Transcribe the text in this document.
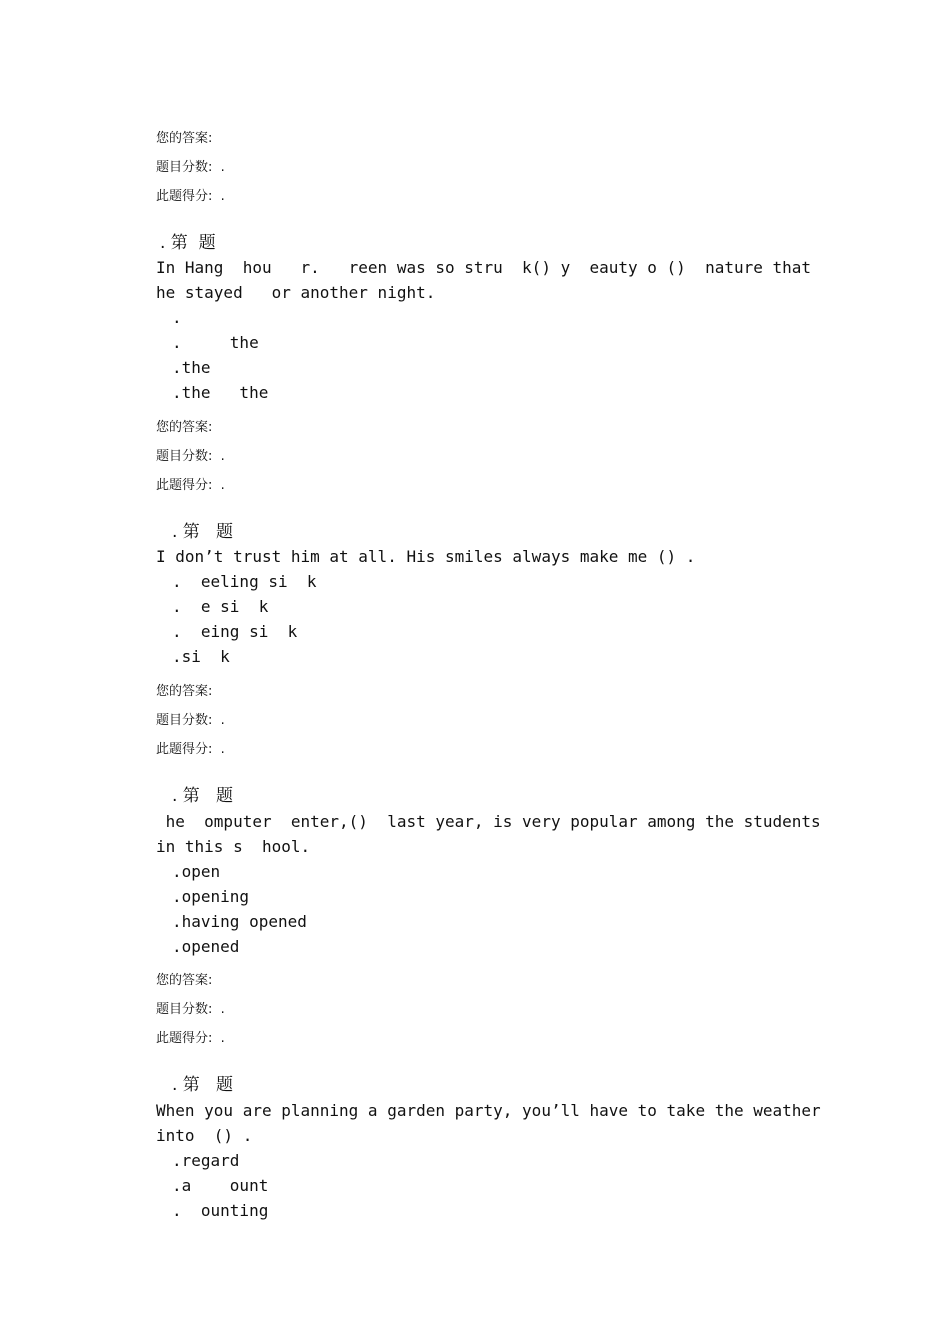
您的答案:
题目分数:  .
此题得分:  .
. 第  题
In Hang  hou   r.   reen was so stru  k() y  eauty o ()  nature that
he stayed   or another night.
.
.     the
.the
.the   the
您的答案:
题目分数:  .
此题得分:  .
. 第   题
I don’t trust him at all. His smiles always make me () .
.  eeling si  k
.  e si  k
.  eing si  k
.si  k
您的答案:
题目分数:  .
此题得分:  .
. 第   题
he  omputer  enter,()  last year, is very popular among the students
in this s  hool.
.open
.opening
.having opened
.opened
您的答案:
题目分数:  .
此题得分:  .
. 第   题
When you are planning a garden party, you’ll have to take the weather
into  () .
.regard
.a    ount
.  ounting
